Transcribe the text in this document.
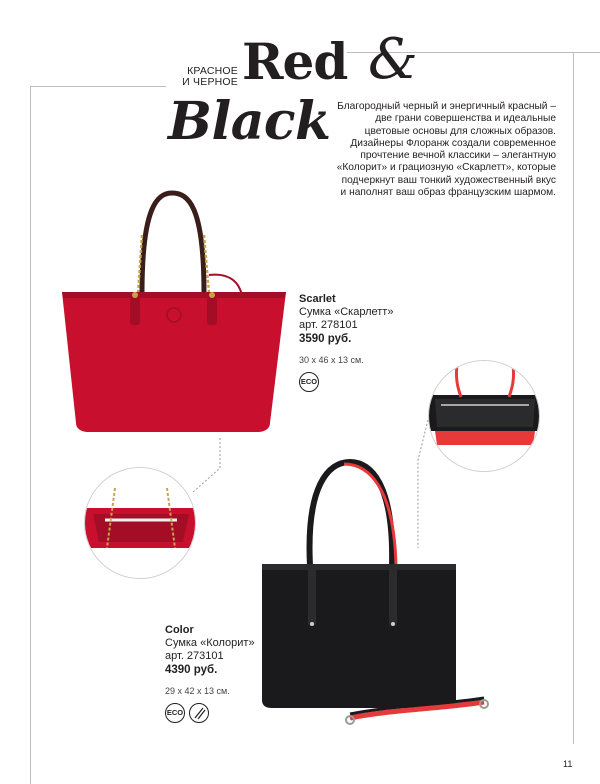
КРАСНОЕ
И ЧЕРНОЕ Red &
Black Благородный черный и энергичный красный – две грани совершенства и идеальные цветовые основы для сложных образов. Дизайнеры Флоранж создали современное прочтение вечной классики – элегантную «Колорит» и грациозную «Скарлетт», которые подчеркнут ваш тонкий художественный вкус и наполнят ваш образ французским шармом.
Scarlet
Сумка «Скарлетт»
арт. 278101
3590 руб.
30 x 46 x 13 см.
ECO
Color
Сумка «Колорит»
арт. 273101
4390 руб.
29 x 42 x 13 см.
ECO
11
